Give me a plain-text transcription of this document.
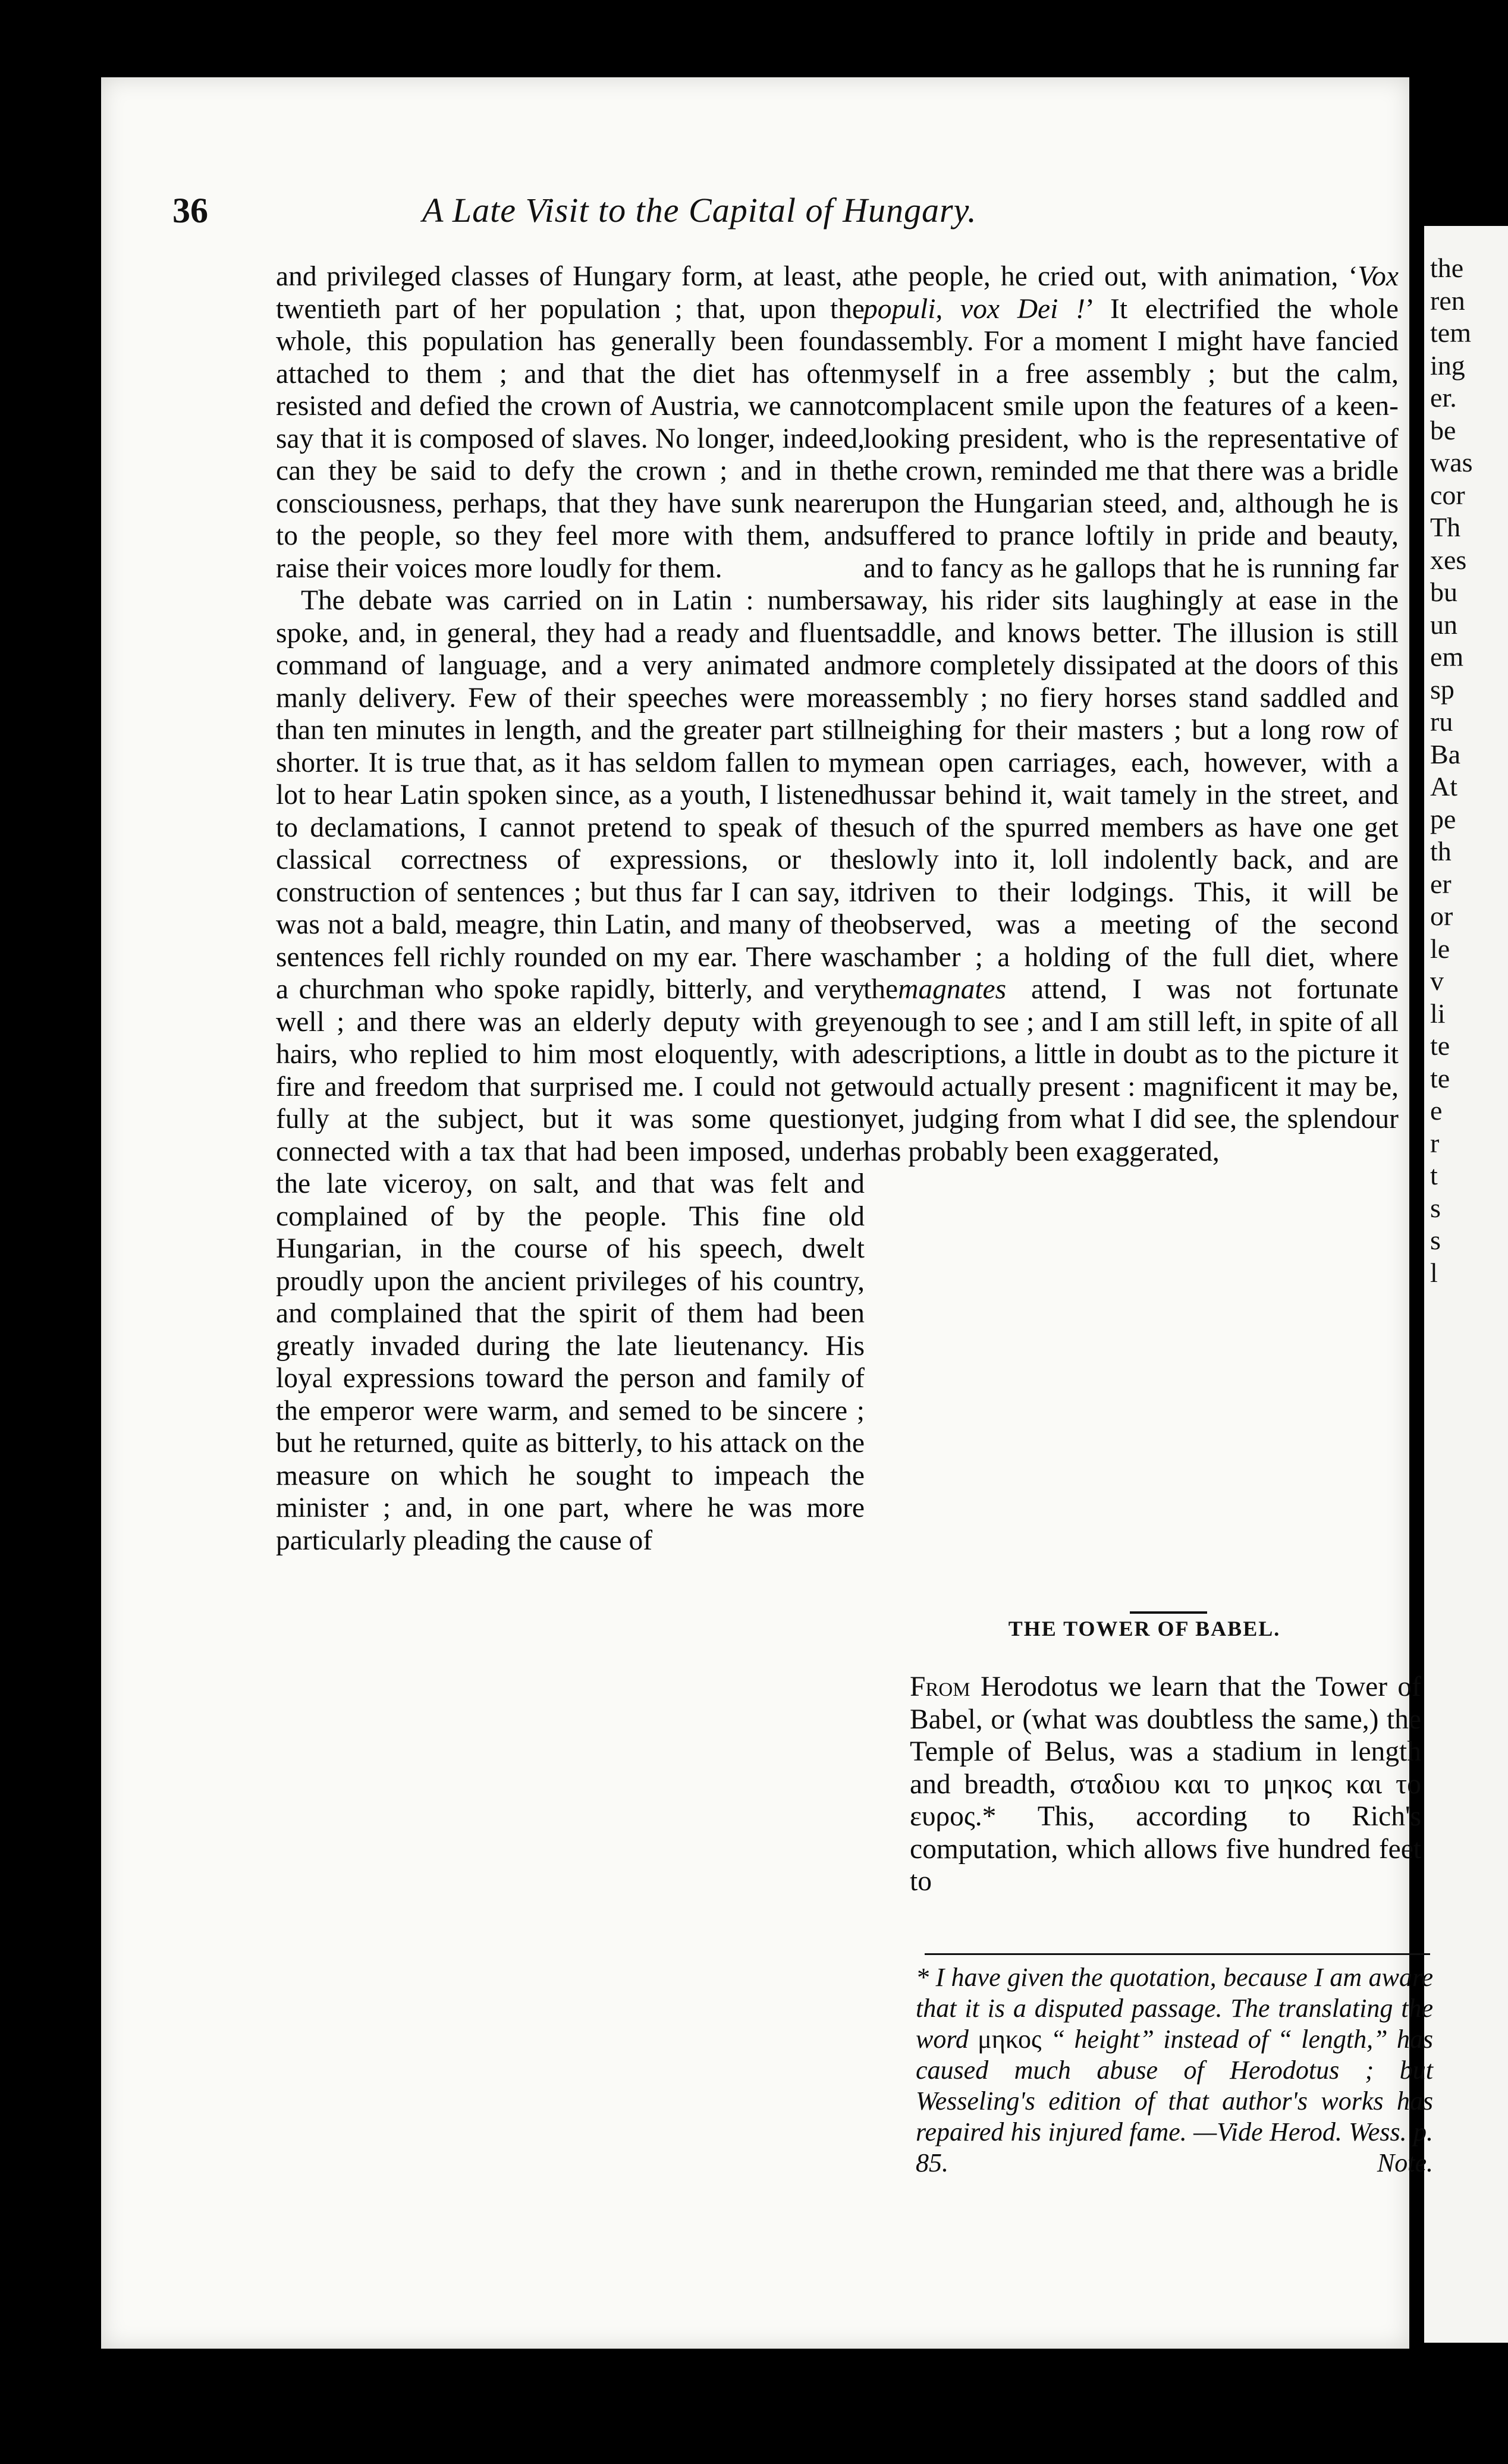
the
ren
tem
ing
er.
be
was
cor
Th
xes
bu
un
em
sp
ru
Ba
At
pe
th
er
or
le
v
li
te
te
e
r
t
s
s
l
36	A Late Visit to the Capital of Hungary.

and privileged classes of Hungary form, at least, a twentieth part of her population ; that, upon the whole, this population has generally been found attached to them ; and that the diet has often resisted and defied the crown of Austria, we cannot say that it is composed of slaves. No longer, indeed, can they be said to defy the crown ; and in the consciousness, perhaps, that they have sunk nearer to the people, so they feel more with them, and raise their voices more loudly for them.

The debate was carried on in Latin : numbers spoke, and, in general, they had a ready and fluent command of language, and a very animated and manly delivery. Few of their speeches were more than ten minutes in length, and the greater part still shorter. It is true that, as it has seldom fallen to my lot to hear Latin spoken since, as a youth, I listened to declamations, I cannot pretend to speak of the classical correctness of expressions, or the construction of sentences ; but thus far I can say, it was not a bald, meagre, thin Latin, and many of the sentences fell richly rounded on my ear. There was a churchman who spoke rapidly, bitterly, and very well ; and there was an elderly deputy with grey hairs, who replied to him most eloquently, with a fire and freedom that surprised me. I could not get fully at the subject, but it was some question connected with a tax that had been imposed, under the late viceroy, on salt, and that was felt and complained of by the people. This fine old Hungarian, in the course of his speech, dwelt proudly upon the ancient privileges of his country, and complained that the spirit of them had been greatly invaded during the late lieutenancy. His loyal expressions toward the person and family of the emperor were warm, and semed to be sincere ; but he returned, quite as bitterly, to his attack on the measure on which he sought to impeach the minister ; and, in one part, where he was more particularly pleading the cause of

the people, he cried out, with animation, ‘Vox populi, vox Dei !’ It electrified the whole assembly. For a moment I might have fancied myself in a free assembly ; but the calm, complacent smile upon the features of a keen-looking president, who is the representative of the crown, reminded me that there was a bridle upon the Hungarian steed, and, although he is suffered to prance loftily in pride and beauty, and to fancy as he gallops that he is running far away, his rider sits laughingly at ease in the saddle, and knows better. The illusion is still more completely dissipated at the doors of this assembly ; no fiery horses stand saddled and neighing for their masters ; but a long row of mean open carriages, each, however, with a hussar behind it, wait tamely in the street, and such of the spurred members as have one get slowly into it, loll indolently back, and are driven to their lodgings. This, it will be observed, was a meeting of the second chamber ; a holding of the full diet, where themagnates attend, I was not fortunate enough to see ; and I am still left, in spite of all descriptions, a little in doubt as to the picture it would actually present : magnificent it may be, yet, judging from what I did see, the splendour has probably been exaggerated,

THE TOWER OF BABEL.
From Herodotus we learn that the Tower of Babel, or (what was doubtless the same,) the Temple of Belus, was a stadium in length and breadth, σταδιου και το μηκος και το ευρος.* This, according to Rich's computation, which allows five hundred feet to
* I have given the quotation, because I am aware that it is a disputed passage. The translating the word μηκος “ height” instead of “ length,” has caused much abuse of Herodotus ; but Wesseling's edition of that author's works has repaired his injured fame. —Vide Herod. Wess. p. 85.	Note.
